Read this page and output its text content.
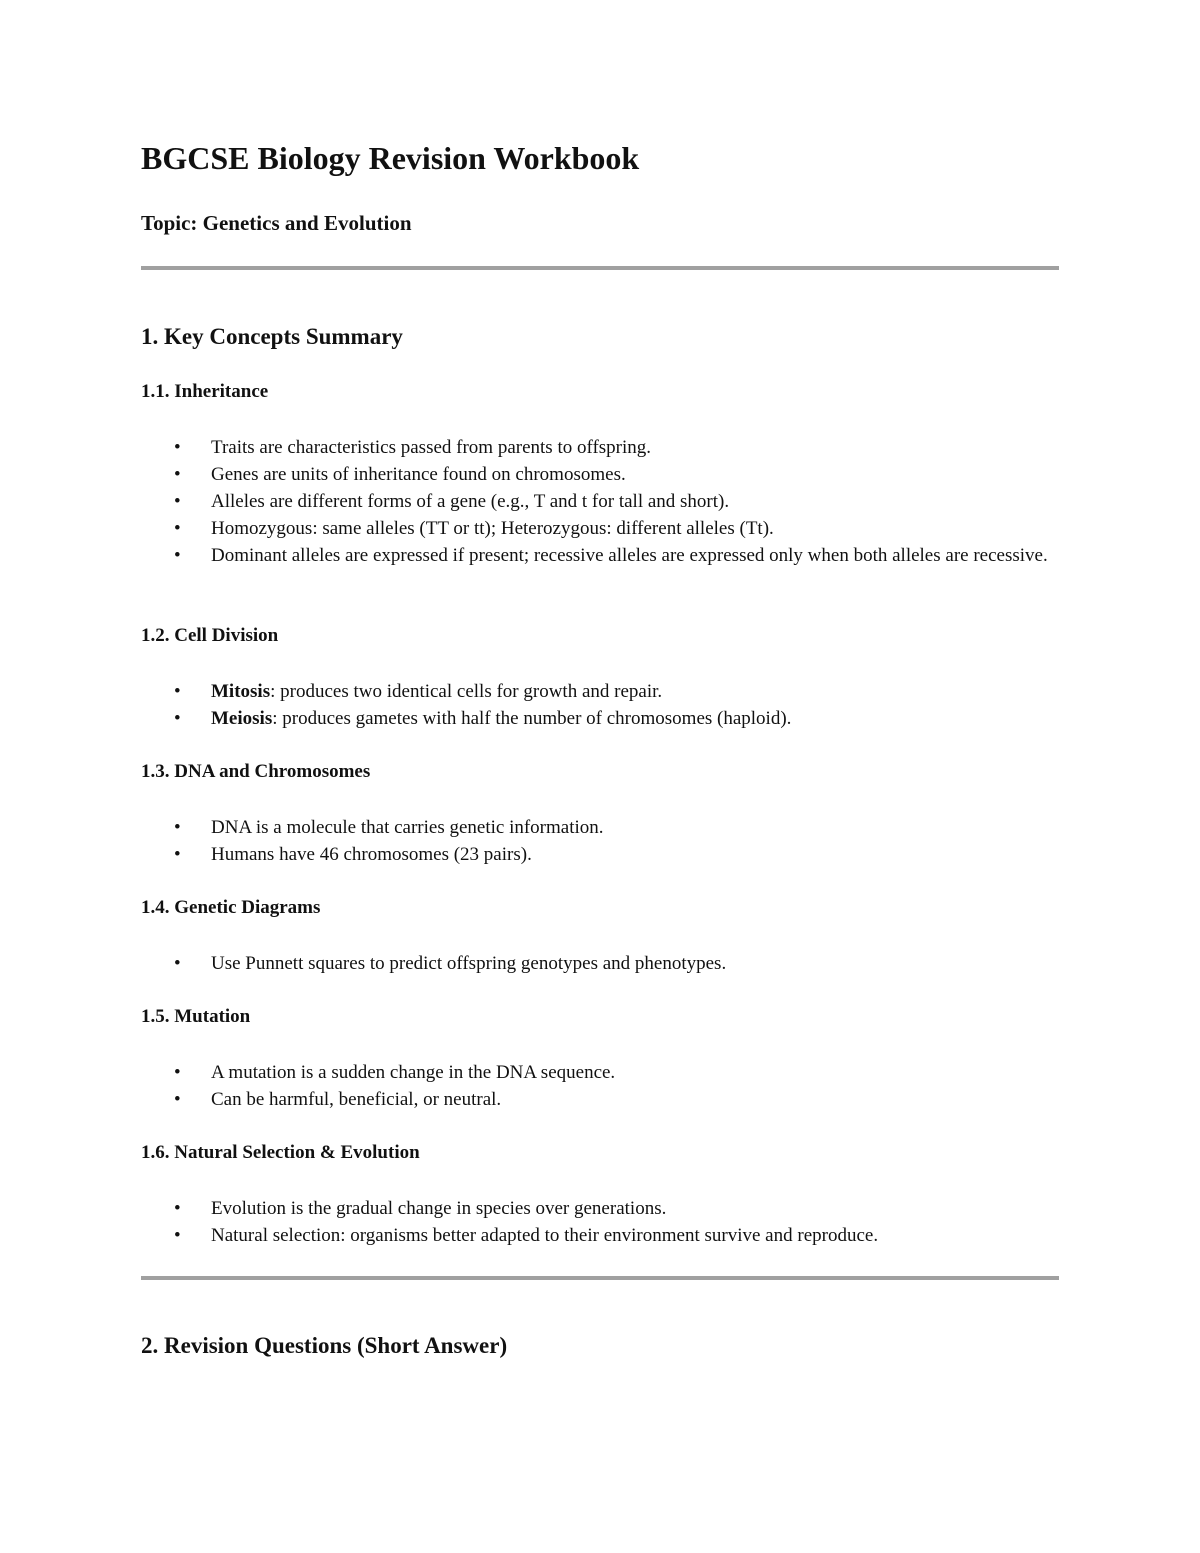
BGCSE Biology Revision Workbook
Topic: Genetics and Evolution
1. Key Concepts Summary
1.1. Inheritance
• Traits are characteristics passed from parents to offspring.
• Genes are units of inheritance found on chromosomes.
• Alleles are different forms of a gene (e.g., T and t for tall and short).
• Homozygous: same alleles (TT or tt); Heterozygous: different alleles (Tt).
• Dominant alleles are expressed if present; recessive alleles are expressed only when both alleles are recessive.
1.2. Cell Division
• Mitosis: produces two identical cells for growth and repair.
• Meiosis: produces gametes with half the number of chromosomes (haploid).
1.3. DNA and Chromosomes
• DNA is a molecule that carries genetic information.
• Humans have 46 chromosomes (23 pairs).
1.4. Genetic Diagrams
• Use Punnett squares to predict offspring genotypes and phenotypes.
1.5. Mutation
• A mutation is a sudden change in the DNA sequence.
• Can be harmful, beneficial, or neutral.
1.6. Natural Selection & Evolution
• Evolution is the gradual change in species over generations.
• Natural selection: organisms better adapted to their environment survive and reproduce.
2. Revision Questions (Short Answer)
